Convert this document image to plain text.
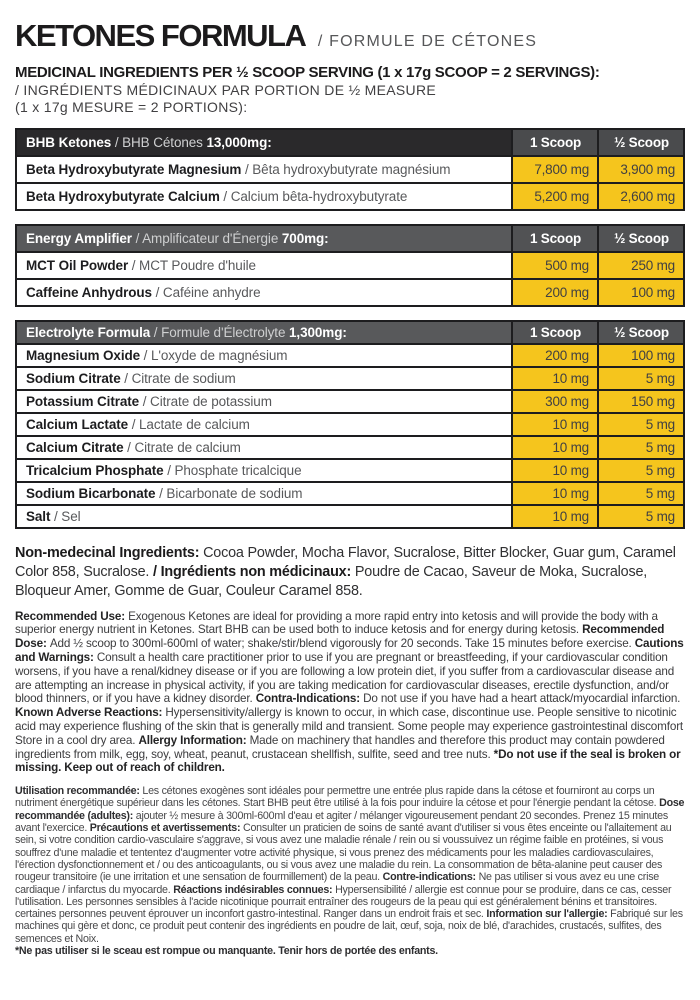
KETONES FORMULA / FORMULE DE CÉTONES
MEDICINAL INGREDIENTS PER ½ SCOOP SERVING (1 x 17g SCOOP = 2 SERVINGS):
/ INGRÉDIENTS MÉDICINAUX PAR PORTION DE ½ MEASURE
(1 x 17g MESURE = 2 PORTIONS):
BHB Ketones / BHB Cétones 13,000mg:	1 Scoop	½ Scoop
Beta Hydroxybutyrate Magnesium / Bêta hydroxybutyrate magnésium	7,800 mg	3,900 mg
Beta Hydroxybutyrate Calcium / Calcium bêta-hydroxybutyrate	5,200 mg	2,600 mg
Energy Amplifier / Amplificateur d'Énergie 700mg:	1 Scoop	½ Scoop
MCT Oil Powder / MCT Poudre d'huile	500 mg	250 mg
Caffeine Anhydrous / Caféine anhydre	200 mg	100 mg
Electrolyte Formula / Formule d'Électrolyte 1,300mg:	1 Scoop	½ Scoop
Magnesium Oxide / L'oxyde de magnésium	200 mg	100 mg
Sodium Citrate / Citrate de sodium	10 mg	5 mg
Potassium Citrate / Citrate de potassium	300 mg	150 mg
Calcium Lactate / Lactate de calcium	10 mg	5 mg
Calcium Citrate / Citrate de calcium	10 mg	5 mg
Tricalcium Phosphate / Phosphate tricalcique	10 mg	5 mg
Sodium Bicarbonate / Bicarbonate de sodium	10 mg	5 mg
Salt / Sel	10 mg	5 mg

Non-medecinal Ingredients: Cocoa Powder, Mocha Flavor, Sucralose, Bitter Blocker, Guar gum, Caramel Color 858, Sucralose. / Ingrédients non médicinaux: Poudre de Cacao, Saveur de Moka, Sucralose, Bloqueur Amer, Gomme de Guar, Couleur Caramel 858.

Recommended Use: Exogenous Ketones are ideal for providing a more rapid entry into ketosis and will provide the body with a superior energy nutrient in Ketones. Start BHB can be used both to induce ketosis and for energy during ketosis. Recommended Dose: Add ½ scoop to 300ml-600ml of water; shake/stir/blend vigorously for 20 seconds. Take 15 minutes before exercise. Cautions and Warnings: Consult a health care practitioner prior to use if you are pregnant or breastfeeding, if your cardiovascular condition worsens, if you have a renal/kidney disease or if you are following a low protein diet, if you suffer from a cardiovascular disease and are attempting an increase in physical activity, if you are taking medication for cardiovascular diseases, erectile dysfunction, and/or blood thinners, or if you have a kidney disorder. Contra-Indications: Do not use if you have had a heart attack/myocardial infarction. Known Adverse Reactions: Hypersensitivity/allergy is known to occur, in which case, discontinue use. People sensitive to nicotinic acid may experience flushing of the skin that is generally mild and transient. Some people may experience gastrointestinal discomfort Store in a cool dry area. Allergy Information: Made on machinery that handles and therefore this product may contain powdered ingredients from milk, egg, soy, wheat, peanut, crustacean shellfish, sulfite, seed and tree nuts. *Do not use if the seal is broken or missing. Keep out of reach of children.

Utilisation recommandée: Les cétones exogènes sont idéales pour permettre une entrée plus rapide dans la cétose et fourniront au corps un nutriment énergétique supérieur dans les cétones. Start BHB peut être utilisé à la fois pour induire la cétose et pour l'énergie pendant la cétose. Dose recommandée (adultes): ajouter ½ mesure à 300ml-600ml d'eau et agiter / mélanger vigoureusement pendant 20 secondes. Prenez 15 minutes avant l'exercice. Précautions et avertissements: Consulter un praticien de soins de santé avant d'utiliser si vous êtes enceinte ou l'allaitement au sein, si votre condition cardio-vasculaire s'aggrave, si vous avez une maladie rénale / rein ou si voussuivez un régime faible en protéines, si vous souffrez d'une maladie et tententez d'augmenter votre activité physique, si vous prenez des médicaments pour les maladies cardiovasculaires, l'érection dysfonctionnement et / ou des anticoagulants, ou si vous avez une maladie du rein. La consommation de bêta-alanine peut causer des rougeur transitoire (ie une irritation et une sensation de fourmillement) de la peau. Contre-indications: Ne pas utiliser si vous avez eu une crise cardiaque / infarctus du myocarde. Réactions indésirables connues: Hypersensibilité / allergie est connue pour se produire, dans ce cas, cesser l'utilisation. Les personnes sensibles à l'acide nicotinique pourrait entraîner des rougeurs de la peau qui est généralement bénins et transitoires. certaines personnes peuvent éprouver un inconfort gastro-intestinal. Ranger dans un endroit frais et sec. Information sur l'allergie: Fabriqué sur les machines qui gère et donc, ce produit peut contenir des ingrédients en poudre de lait, œuf, soja, noix de blé, d'arachides, crustacés, sulfites, des semences et Noix.

*Ne pas utiliser si le sceau est rompue ou manquante. Tenir hors de portée des enfants.
